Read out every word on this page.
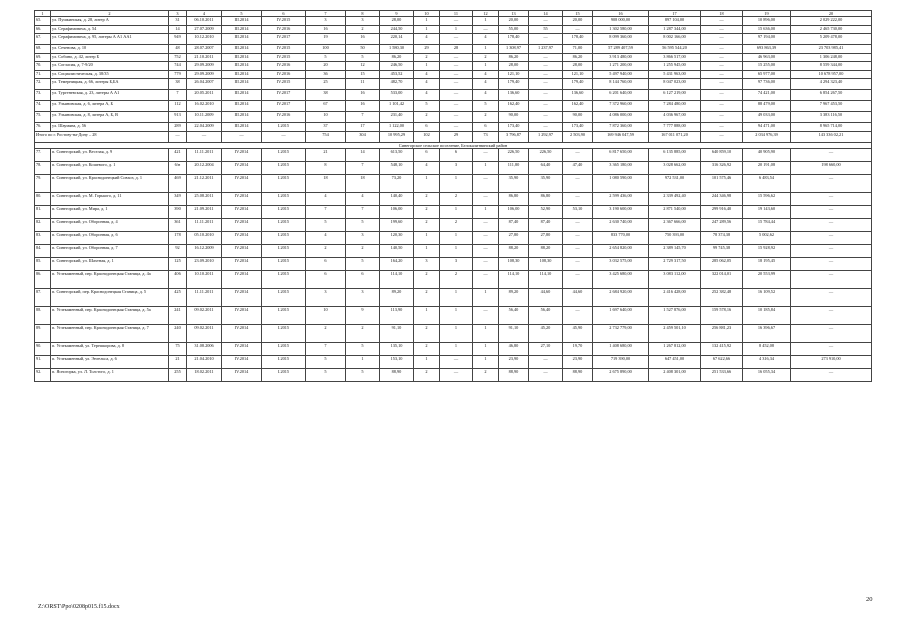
1	2	3	4	5	6	7	8	9	10	11	12	13	14	15	16	17	18	19	20
65.	ул. Пушкинская, д. 28, литер А	31	06.10.2011	III.2014	IV.2015	3	3	28,00	1	—	1	20,00	—	20,00	908 000,00	897 104,00	—	10 896,00	2 029 222,00
66.	ул. Серафимовича, д. 54	14	27.07.2009	III.2014	IV.2016	16	2	244,50	1	1	—	55,00	55	—	1 302 580,00	1 287 344,00	—	15 636,00	2 465 730,00
67.	ул. Серафимовича, д. 95, литеры А А1 АА1	949	10.12.2010	III.2014	IV.2017	19	16	220,14	4	—	4	178,40	—	178,40	8 099 360,00	8 002 166,00	—	97 194,00	5 209 478,00
68.	ул. Сеченова, д. 10	48	28.07.2007	III.2014	IV.2015	100	50	1 580,30	29	28	1	1 308,97	1 237,97	71,00	57 289 407,59	56 595 544,20	—	693 863,39	23 703 985,41
69.	ул. Собино, д. 42, литер Б	752	21.10.2011	III.2014	IV.2015	5	5	86,20	2	—	2	86,20	—	86,20	3 913 480,00	3 866 517,00	—	46 963,00	1 306 248,00
70.	ул. Согласия, д. 7-9/20	744	29.09.2009	III.2014	IV.2016	20	12	246,50	1	—	1	28,00	—	28,00	1 271 200,00	1 255 945,00	—	15 255,00	8 559 344,00
71.	ул. Социалистическая, д. 38/35	779	29.09.2009	III.2014	IV.2016	36	15	453,52	4	—	4	121,10	—	121,10	5 497 940,00	5 431 963,00	—	65 977,00	10 678 957,00
72.	ул. Темерницкая, д. 66, литеры Б,БА	38	26.04.2007	III.2014	IV.2015	25	11	482,70	4	—	4	179,40	—	179,40	8 144 760,00	8 047 023,00	—	97 736,00	4 294 323,40
73.	ул. Тургеневская, д. 23, литеры А А1	7	20.05.2011	III.2014	IV.2017	38	16	533,00	4	—	4	136,60	—	136,60	6 201 640,00	6 127 219,00	—	74 421,00	6 854 267,50
74.	ул. Ульяновская, д. 6, литера А, Б	112	16.02.2010	III.2014	IV.2017	67	16	1 101,42	5	—	5	162,40	—	162,40	7 372 960,00	7 284 480,00	—	88 479,00	7 967 453,50
75.	ул. Ульяновская, д. 8, литера А, Б, В	913	10.11.2009	III.2014	IV.2016	10	7	231,40	2	—	2	90,00	—	90,00	4 086 000,00	4 036 967,00	—	49 033,00	3 383 116,50
76.	ул. Шаумяна, д. 56	289	22.04.2009	III.2014	I.2015	37	17	1 122,00	6	—	6	173,40	—	173,40	7 872 360,00	7 777 888,00	—	94 471,00	8 965 714,00
Итого по г. Ростову-на-Дону – 28		—	—	—	—	754	304	10 995,29	102	29	73	3 796,87	1 292,97	2 503,90	169 946 047,59	167 011 071,20	—	2 034 976,39	143 336 02,21
Синегорское сельское поселение, Белокалитвинский район																			
77.	п. Синегорский, ул. Веселая, д. 9	421	11.11.2011	IV.2014	I.2015	21	14	613,50	6	6	—	226,50	226,50	—	6 817 650,00	6 135 885,00	640 859,10	40 905,90	—
78.	п. Синегорский, ул. Кошевого, д. 1	6/н	20.12.2004	IV.2014	I.2015	8	7	548,10	4	3	1	111,80	64,40	47,40	3 365 180,00	3 028 662,00	316 326,92	20 191,08	198 660,00
79.	п. Синегорский, ул. Краснодонецкий Совхоз, д. 1	469	21.12.2011	IV.2014	I.2015	18	18	73,20	1	1	—	35,90	35,90	—	1 080 590,00	972 531,00	101 575,46	6 483,54	—
80.	п. Синегорский, ул. М. Горького, д. 11	349	25.08.2011	IV.2014	I.2015	4	4	140,40	2	2	—	86,80	86,80	—	2 599 436,00	2 339 492,40	244 346,98	15 596,62	—
81.	п. Синегорский, ул. Мира, д. 1	390	21.09.2011	IV.2014	I.2015	7	7	106,00	2	1	1	106,00	52,90	53,10	3 190 600,00	2 871 540,00	299 916,40	19 143,60	—
82.	п. Синегорский, ул. Оборонная, д. 4	361	11.11.2011	IV.2014	I.2015	5	5	199,60	2	2	—	87,40	87,40	—	2 630 740,00	2 367 666,00	247 289,56	15 784,44	—
83.	п. Синегорский, ул. Оборонная, д. 6	178	05.10.2010	IV.2014	I.2015	4	3	120,30	1	1	—	27,80	27,80	—	833 770,00	750 393,00	78 374,38	5 002,62	—
84.	п. Синегорский, ул. Оборонная, д. 7	92	16.12.2009	IV.2014	I.2015	2	2	140,50	1	1	—	88,20	88,20	—	2 654 820,00	2 389 145,70	99 745,38	15 928,92	—
85.	п. Синегорский, ул. Шахтная, д. 1	125	23.09.2010	IV.2014	I.2015	6	5	164,20	3	3	—	108,30	108,30	—	3 032 575,00	2 729 317,50	285 062,05	18 195,45	—
86.	п. Углекаменный, пер. Краснодонецкая Станица, д. 4а	406	10.10.2011	IV.2014	I.2015	6	6	114,10	2	2	—	114,10	114,10	—	3 425 680,00	3 083 112,00	322 014,01	20 553,99	—
87.	п. Синегорский, пер. Краснодонецкая Станица, д. 5	425	11.11.2011	IV.2014	I.2015	3	3	89,20	2	1	1	89,20	44,60	44,60	2 684 920,00	2 416 428,00	252 382,48	16 109,52	—
88.	п. Углекаменный, пер. Краснодонецкая Станица, д. 5а	241	09.02.2011	IV.2014	I.2015	10	9	113,90	1	1	—	56,40	56,40	—	1 697 640,00	1 527 876,00	159 578,16	10 185,84	—
89.	п. Углекаменный, пер. Краснодонецкая Станица, д. 7	240	09.02.2011	IV.2014	I.2015	2	2	91,10	2	1	1	91,10	45,20	45,90	2 732 779,00	2 459 501,10	256 881,23	16 396,67	—
90.	п. Углекаменный, ул. Терешкорова, д. 8	75	31.08.2006	IV.2014	I.2015	7	5	135,10	2	1	1	46,80	27,10	19,70	1 408 680,00	1 267 812,00	132 415,92	8 452,08	—
91.	п. Углекаменный, ул. Энгельса, д. 6	21	21.04.2010	IV.2014	I.2015	5	1	153,10	1	—	1	23,90	—	23,90	719 390,00	647 451,00	67 622,66	4 316,34	273 910,00
92.	п. Ясногорка, ул. Л. Толстого, д. 1	255	18.02.2011	IV.2014	I.2015	5	5	88,90	2	—	2	88,90	—	88,90	2 675 890,00	2 408 301,00	251 533,66	16 055,34	—
20
Z:\ORST\Ppo\0208p015.f15.docx
